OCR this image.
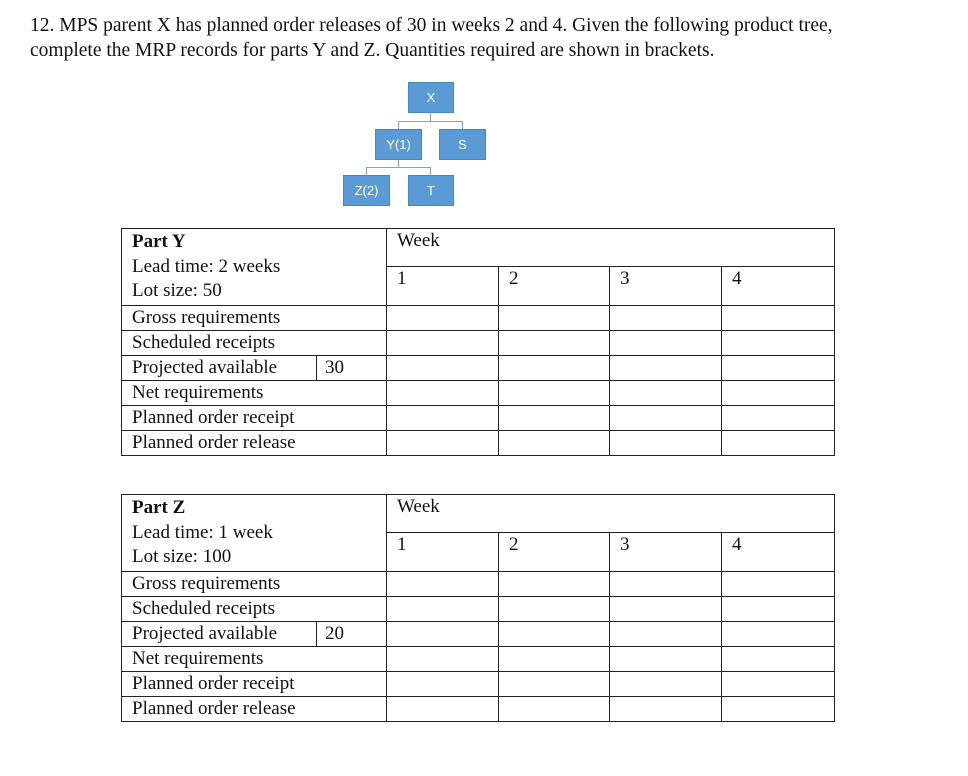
12. MPS parent X has planned order releases of 30 in weeks 2 and 4. Given the following product tree,
complete the MRP records for parts Y and Z. Quantities required are shown in brackets.

X
Y(1)	S
Z(2)	T
Part Y
Lead time: 2 weeks
Lot size: 50		Week			
		1	2	3	4
Gross requirements					
Scheduled receipts					
Projected available	30				
Net requirements					
Planned order receipt					
Planned order release					
Part Z
Lead time: 1 week
Lot size: 100		Week			
		1	2	3	4
Gross requirements					
Scheduled receipts					
Projected available	20				
Net requirements					
Planned order receipt					
Planned order release					
